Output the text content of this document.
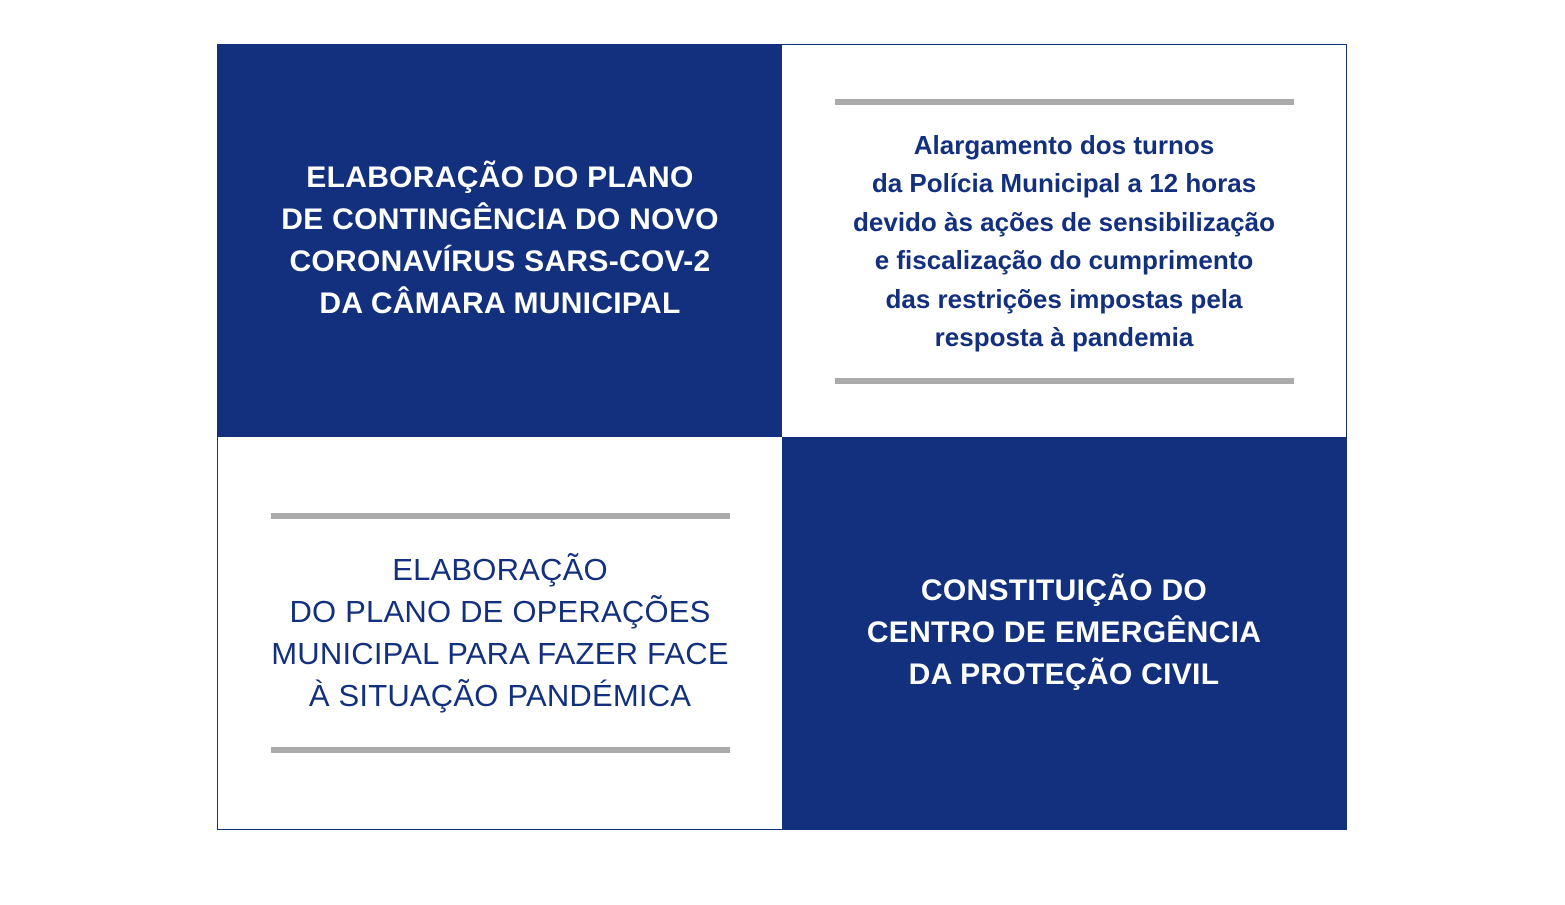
ELABORAÇÃO DO PLANO
DE CONTINGÊNCIA DO NOVO
CORONAVÍRUS SARS-COV-2
DA CÂMARA MUNICIPAL
Alargamento dos turnos
da Polícia Municipal a 12 horas
devido às ações de sensibilização
e fiscalização do cumprimento
das restrições impostas pela
resposta à pandemia
ELABORAÇÃO
DO PLANO DE OPERAÇÕES
MUNICIPAL PARA FAZER FACE
À SITUAÇÃO PANDÉMICA
CONSTITUIÇÃO DO
CENTRO DE EMERGÊNCIA
DA PROTEÇÃO CIVIL
